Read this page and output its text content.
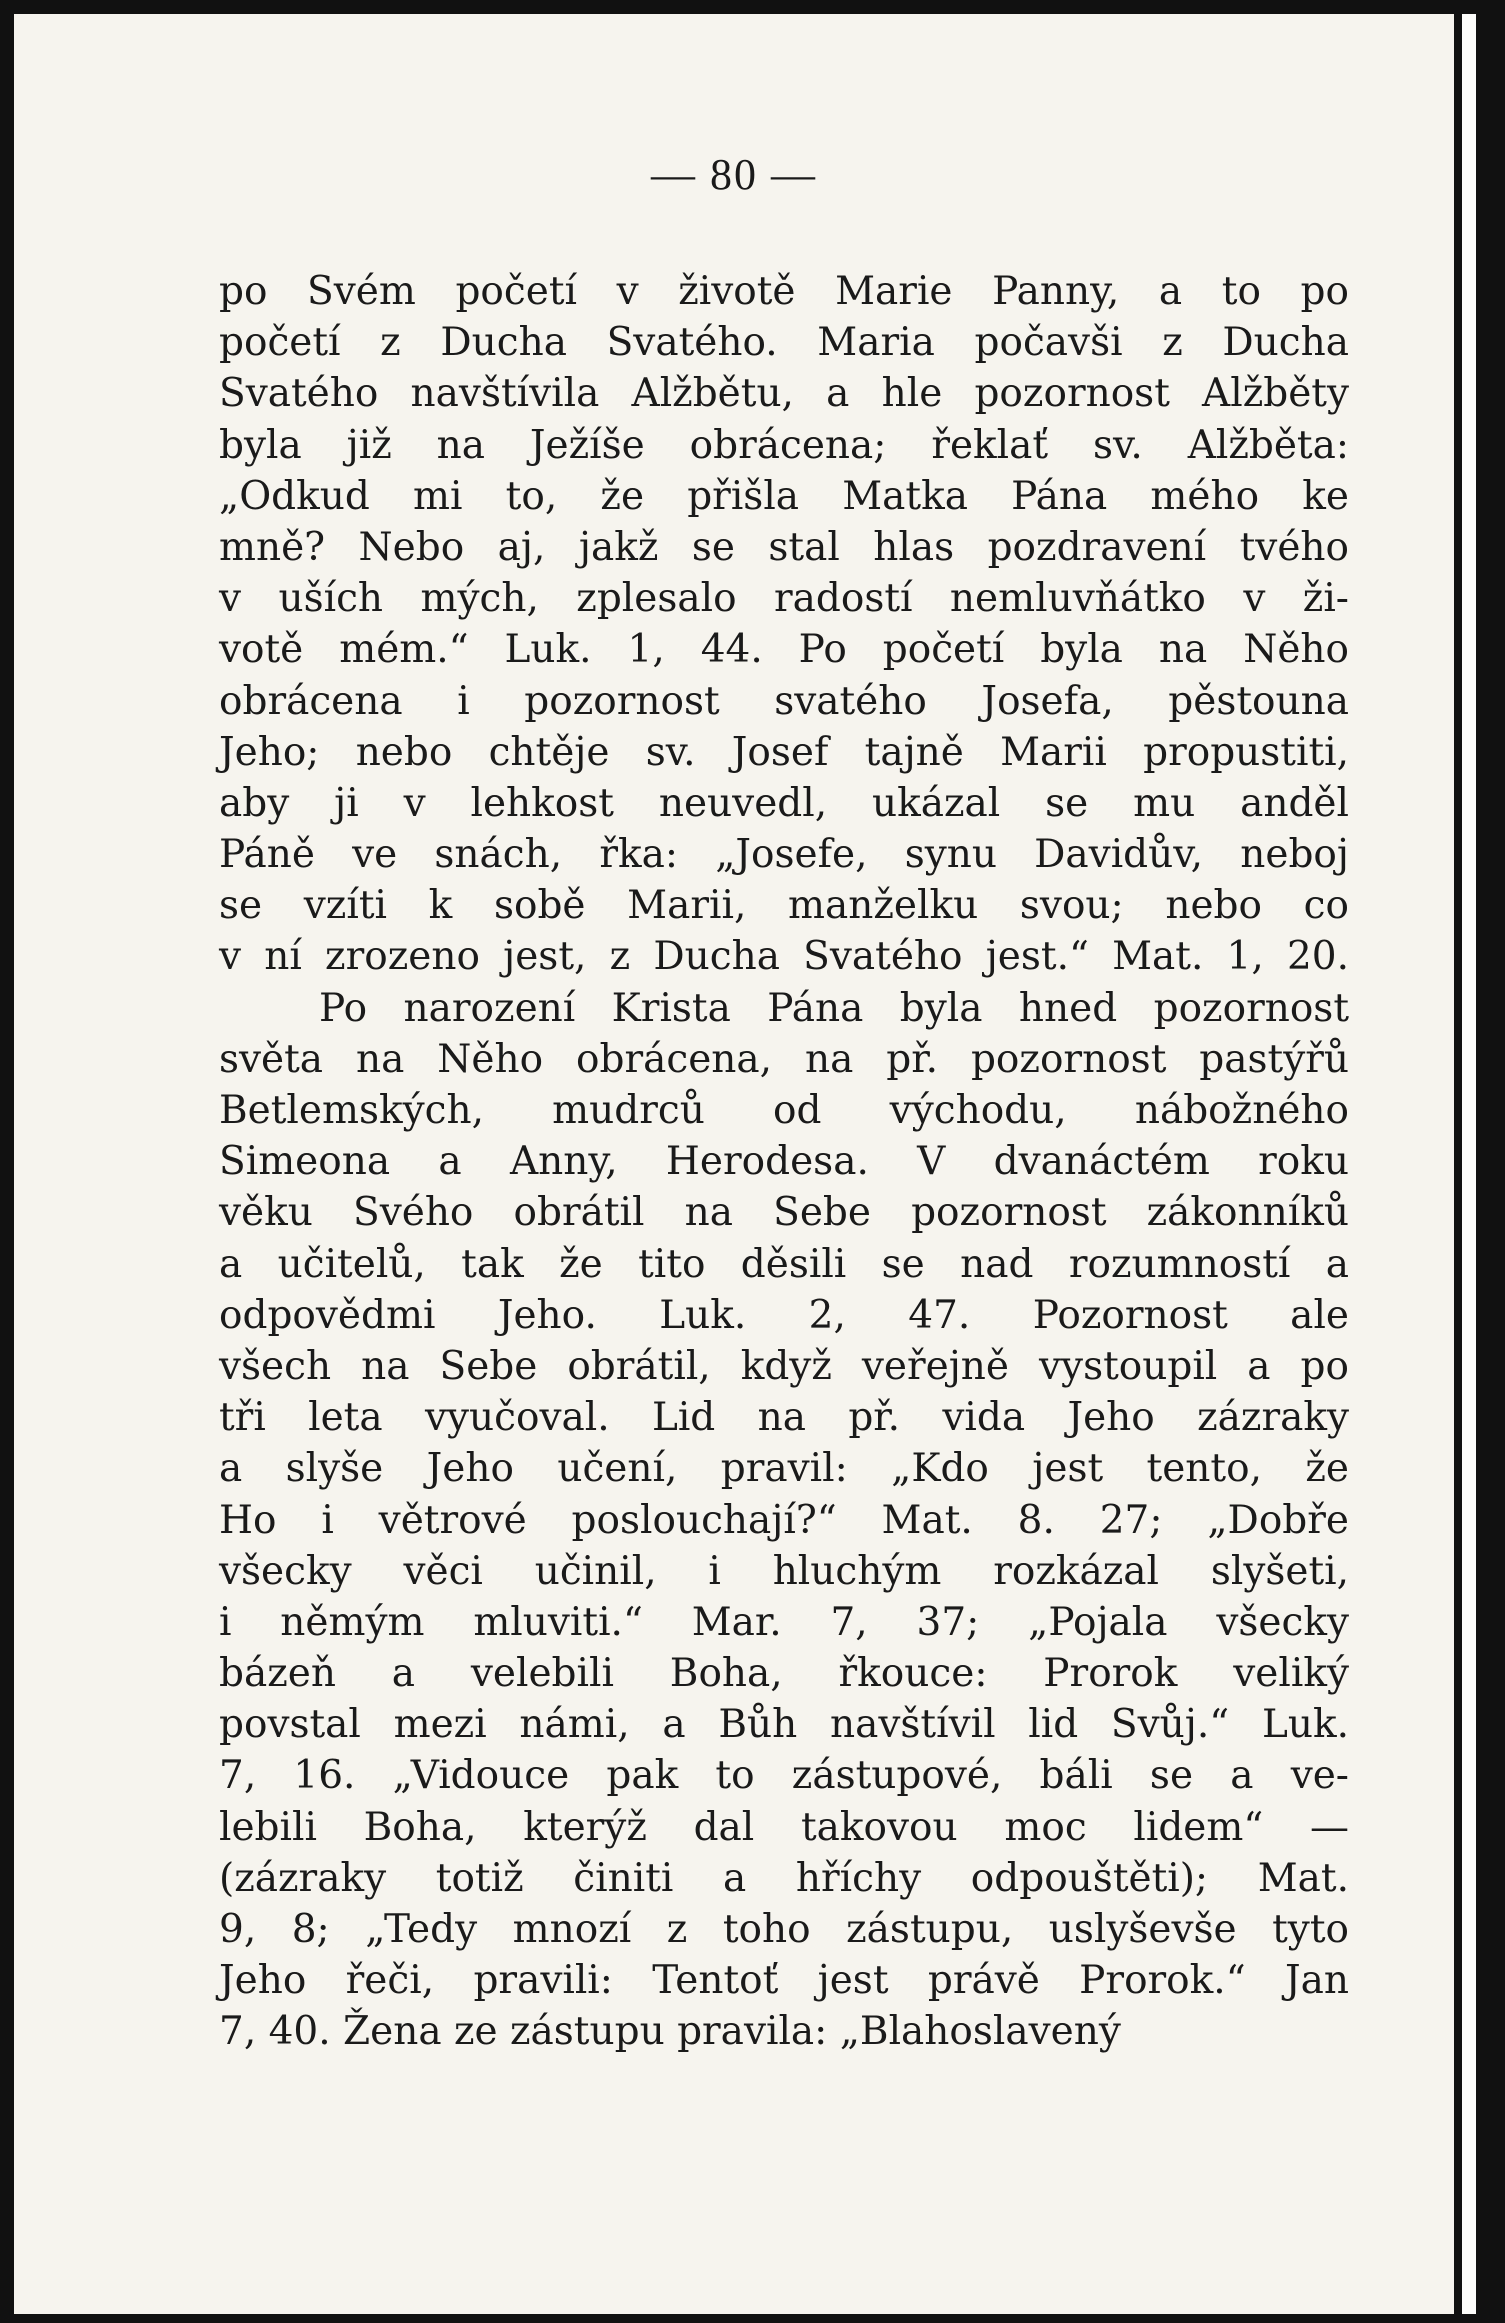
— 80 —
po Svém početí v životě Marie Panny, a to po
početí z Ducha Svatého. Maria počavši z Ducha
Svatého navštívila Alžbětu, a hle pozornost Alžběty
byla již na Ježíše obrácena; řeklať sv. Alžběta:
„Odkud mi to, že přišla Matka Pána mého ke
mně? Nebo aj, jakž se stal hlas pozdravení tvého
v uších mých, zplesalo radostí nemluvňátko v ži-
votě mém.“ Luk. 1, 44. Po početí byla na Něho
obrácena i pozornost svatého Josefa, pěstouna
Jeho; nebo chtěje sv. Josef tajně Marii propustiti,
aby ji v lehkost neuvedl, ukázal se mu anděl
Páně ve snách, řka: „Josefe, synu Davidův, neboj
se vzíti k sobě Marii, manželku svou; nebo co
v ní zrozeno jest, z Ducha Svatého jest.“ Mat. 1, 20.
Po narození Krista Pána byla hned pozornost
světa na Něho obrácena, na př. pozornost pastýřů
Betlemských, mudrců od východu, nábožného
Simeona a Anny, Herodesa. V dvanáctém roku
věku Svého obrátil na Sebe pozornost zákonníků
a učitelů, tak že tito děsili se nad rozumností a
odpovědmi Jeho. Luk. 2, 47. Pozornost ale
všech na Sebe obrátil, když veřejně vystoupil a po
tři leta vyučoval. Lid na př. vida Jeho zázraky
a slyše Jeho učení, pravil: „Kdo jest tento, že
Ho i větrové poslouchají?“ Mat. 8. 27; „Dobře
všecky věci učinil, i hluchým rozkázal slyšeti,
i němým mluviti.“ Mar. 7, 37; „Pojala všecky
bázeň a velebili Boha, řkouce: Prorok veliký
povstal mezi námi, a Bůh navštívil lid Svůj.“ Luk.
7, 16. „Vidouce pak to zástupové, báli se a ve-
lebili Boha, kterýž dal takovou moc lidem“ —
(zázraky totiž činiti a hříchy odpouštěti); Mat.
9, 8; „Tedy mnozí z toho zástupu, uslyševše tyto
Jeho řeči, pravili: Tentoť jest právě Prorok.“ Jan
7, 40. Žena ze zástupu pravila: „Blahoslavený
